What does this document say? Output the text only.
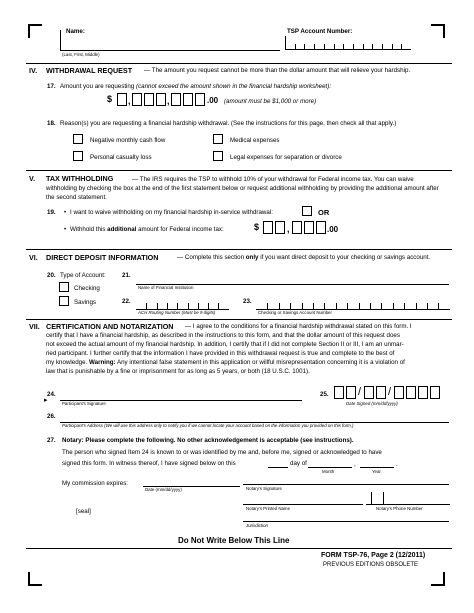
Name:
(Last, First, Middle)
TSP Account Number:
IV. WITHDRAWAL REQUEST — The amount you request cannot be more than the dollar amount that will relieve your hardship.
17. Amount you are requesting (cannot exceed the amount shown in the financial hardship worksheet):
$ ,	,	.00 (amount must be $1,000 or more)
18. Reason(s) you are requesting a financial hardship withdrawal. (See the instructions for this page, then check all that apply.)
Negative monthly cash flow	Medical expenses
Personal casualty loss	Legal expenses for separation or divorce
V. TAX WITHHOLDING	— The IRS requires the TSP to withhold 10% of your withdrawal for Federal income tax. You can waive withholding by checking the box at the end of the first statement below or request additional withholding by providing the additional amount after the second statement.
19. • I want to waive withholding on my financial hardship in-service withdrawal:	OR
• Withhold this additional amount for Federal income tax:	$	,	.00
VI. DIRECT DEPOSIT INFORMATION	— Complete this section only if you want direct deposit to your checking or savings account.
20. Type of Account:
Checking
Savings
21.
Name of Financial Institution
22.
ACH Routing Number (Must be 9 digits)
23.
Checking or Savings Account Number
VII. CERTIFICATION AND NOTARIZATION — I agree to the conditions for a financial hardship withdrawal stated on this form. I
certify that I have a financial hardship, as described in the instructions to this form, and that the dollar amount of this request does
not exceed the actual amount of my financial hardship. In addition, I certify that if I did not complete Section II or III, I am an unmar-
ried participant. I further certify that the information I have provided in this withdrawal request is true and complete to the best of
my knowledge. Warning: Any intentional false statement in this application or willful misrepresentation concerning it is a violation of
law that is punishable by a fine or imprisonment for as long as 5 years, or both (18 U.S.C. 1001).
24.
Participant's Signature
▸
25.	/ /
Date Signed (mm/dd/yyyy)
26.
Participant's Address (We will use this address only to notify you if we cannot locate your account based on the information you provided on this form.)
27. Notary: Please complete the following. No other acknowledgement is acceptable (see instructions).
The person who signed Item 24 is known to or was identified by me and, before me, signed or acknowledged to have
signed this form. In witness thereof, I have signed below on this	day of
Month
,
Year
.
My commission expires:
Date (mm/dd/yyyy)	Notary's Signature
Notary's Printed Name	Notary's Phone Number
[seal]
Jurisdiction
Do Not Write Below This Line
FORM TSP-76, Page 2 (12/2011)
PREVIOUS EDITIONS OBSOLETE
